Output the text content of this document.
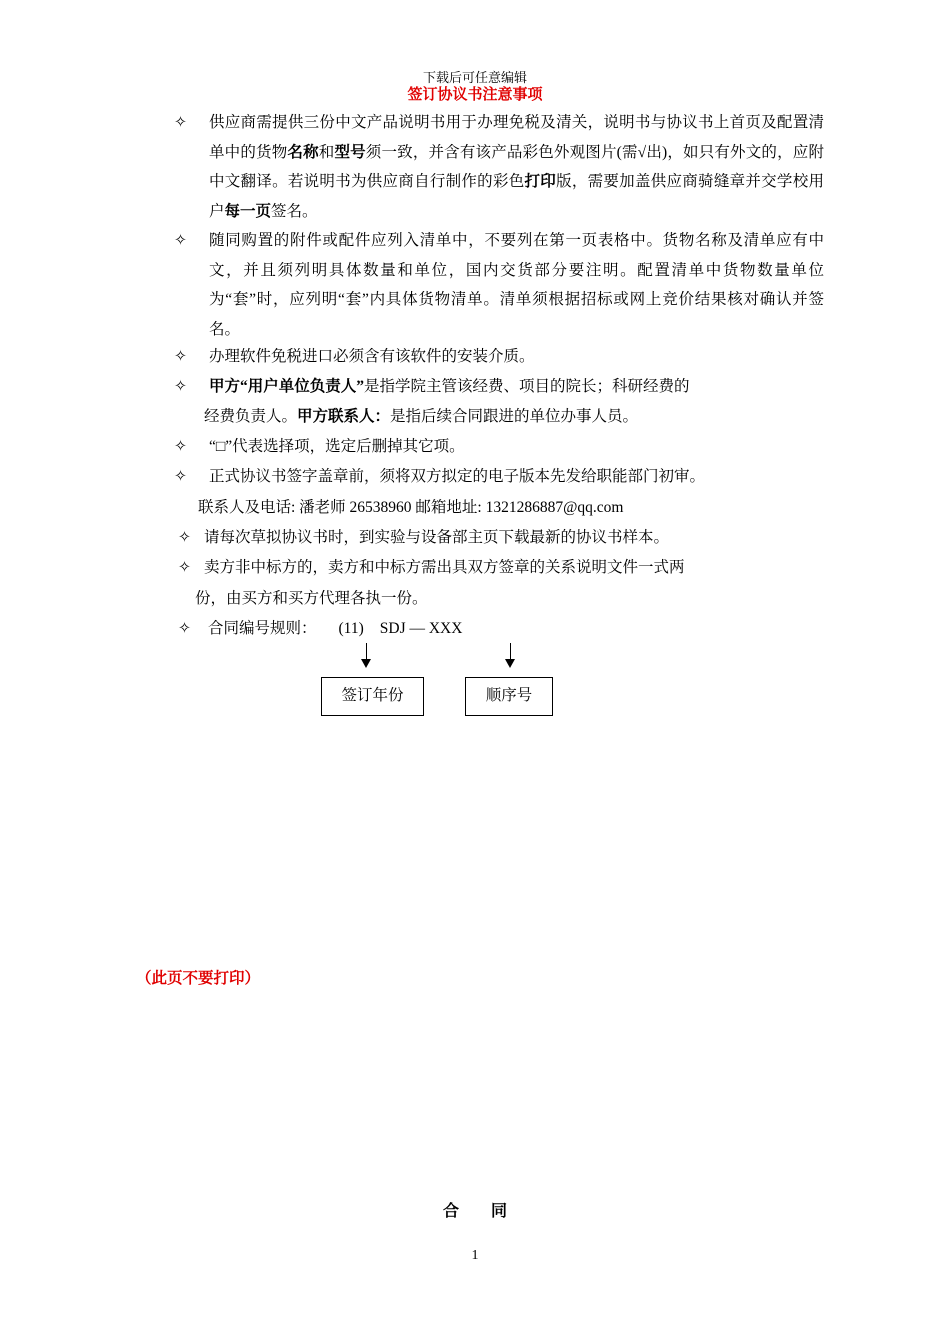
下载后可任意编辑
签订协议书注意事项
✧	供应商需提供三份中文产品说明书用于办理免税及清关，说明书与协议书上首页及配置清单中的货物名称和型号须一致，并含有该产品彩色外观图片(需√出)，如只有外文的，应附中文翻译。若说明书为供应商自行制作的彩色打印版，需要加盖供应商骑缝章并交学校用户每一页签名。
✧	随同购置的附件或配件应列入清单中，不要列在第一页表格中。货物名称及清单应有中文，并且须列明具体数量和单位，国内交货部分要注明。配置清单中货物数量单位为“套”时，应列明“套”内具体货物清单。清单须根据招标或网上竞价结果核对确认并签名。
✧	办理软件免税进口必须含有该软件的安装介质。
✧	甲方“用户单位负责人”是指学院主管该经费、项目的院长；科研经费的
经费负责人。甲方联系人：是指后续合同跟进的单位办事人员。
✧	“□”代表选择项，选定后删掉其它项。
✧	正式协议书签字盖章前，须将双方拟定的电子版本先发给职能部门初审。
联系人及电话: 潘老师 26538960 邮箱地址: 1321286887@qq.com
✧ 请每次草拟协议书时，到实验与设备部主页下载最新的协议书样本。
✧ 卖方非中标方的，卖方和中标方需出具双方签章的关系说明文件一式两
份，由买方和买方代理各执一份。
✧	合同编号规则： (11) SDJ — XXX
签订年份	顺序号
（此页不要打印）
合        同
1
